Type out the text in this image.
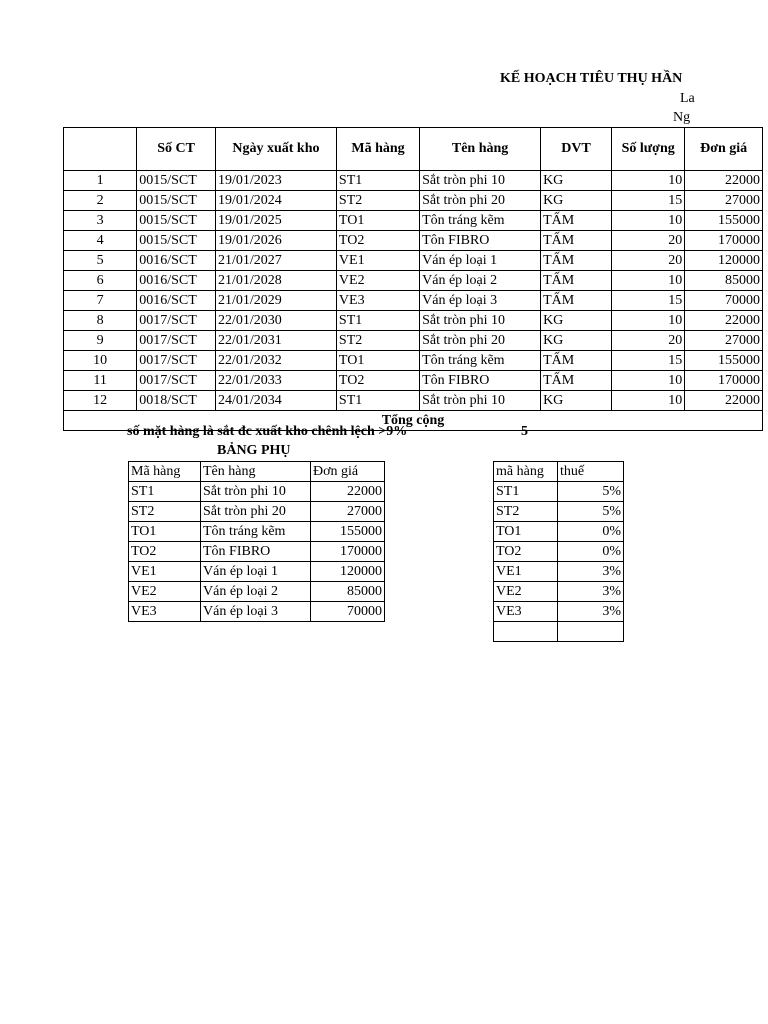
KẾ HOẠCH TIÊU THỤ HẦN
La
Ng
	Số CT	Ngày xuất kho	Mã hàng	Tên hàng	DVT	Số lượng	Đơn giá
1	0015/SCT	19/01/2023	ST1	Sắt tròn phi 10	KG	10	22000
2	0015/SCT	19/01/2024	ST2	Sắt tròn phi 20	KG	15	27000
3	0015/SCT	19/01/2025	TO1	Tôn tráng kẽm	TẤM	10	155000
4	0015/SCT	19/01/2026	TO2	Tôn FIBRO	TẤM	20	170000
5	0016/SCT	21/01/2027	VE1	Ván ép loại 1	TẤM	20	120000
6	0016/SCT	21/01/2028	VE2	Ván ép loại 2	TẤM	10	85000
7	0016/SCT	21/01/2029	VE3	Ván ép loại 3	TẤM	15	70000
8	0017/SCT	22/01/2030	ST1	Sắt tròn phi 10	KG	10	22000
9	0017/SCT	22/01/2031	ST2	Sắt tròn phi 20	KG	20	27000
10	0017/SCT	22/01/2032	TO1	Tôn tráng kẽm	TẤM	15	155000
11	0017/SCT	22/01/2033	TO2	Tôn FIBRO	TẤM	10	170000
12	0018/SCT	24/01/2034	ST1	Sắt tròn phi 10	KG	10	22000
Tổng cộng							
số mặt hàng là sắt đc xuất kho chênh lệch >9%	5
BẢNG PHỤ
Mã hàng	Tên hàng	Đơn giá
ST1	Sắt tròn phi 10	22000
ST2	Sắt tròn phi 20	27000
TO1	Tôn tráng kẽm	155000
TO2	Tôn FIBRO	170000
VE1	Ván ép loại 1	120000
VE2	Ván ép loại 2	85000
VE3	Ván ép loại 3	70000
mã hàng	thuế
ST1	5%
ST2	5%
TO1	0%
TO2	0%
VE1	3%
VE2	3%
VE3	3%
